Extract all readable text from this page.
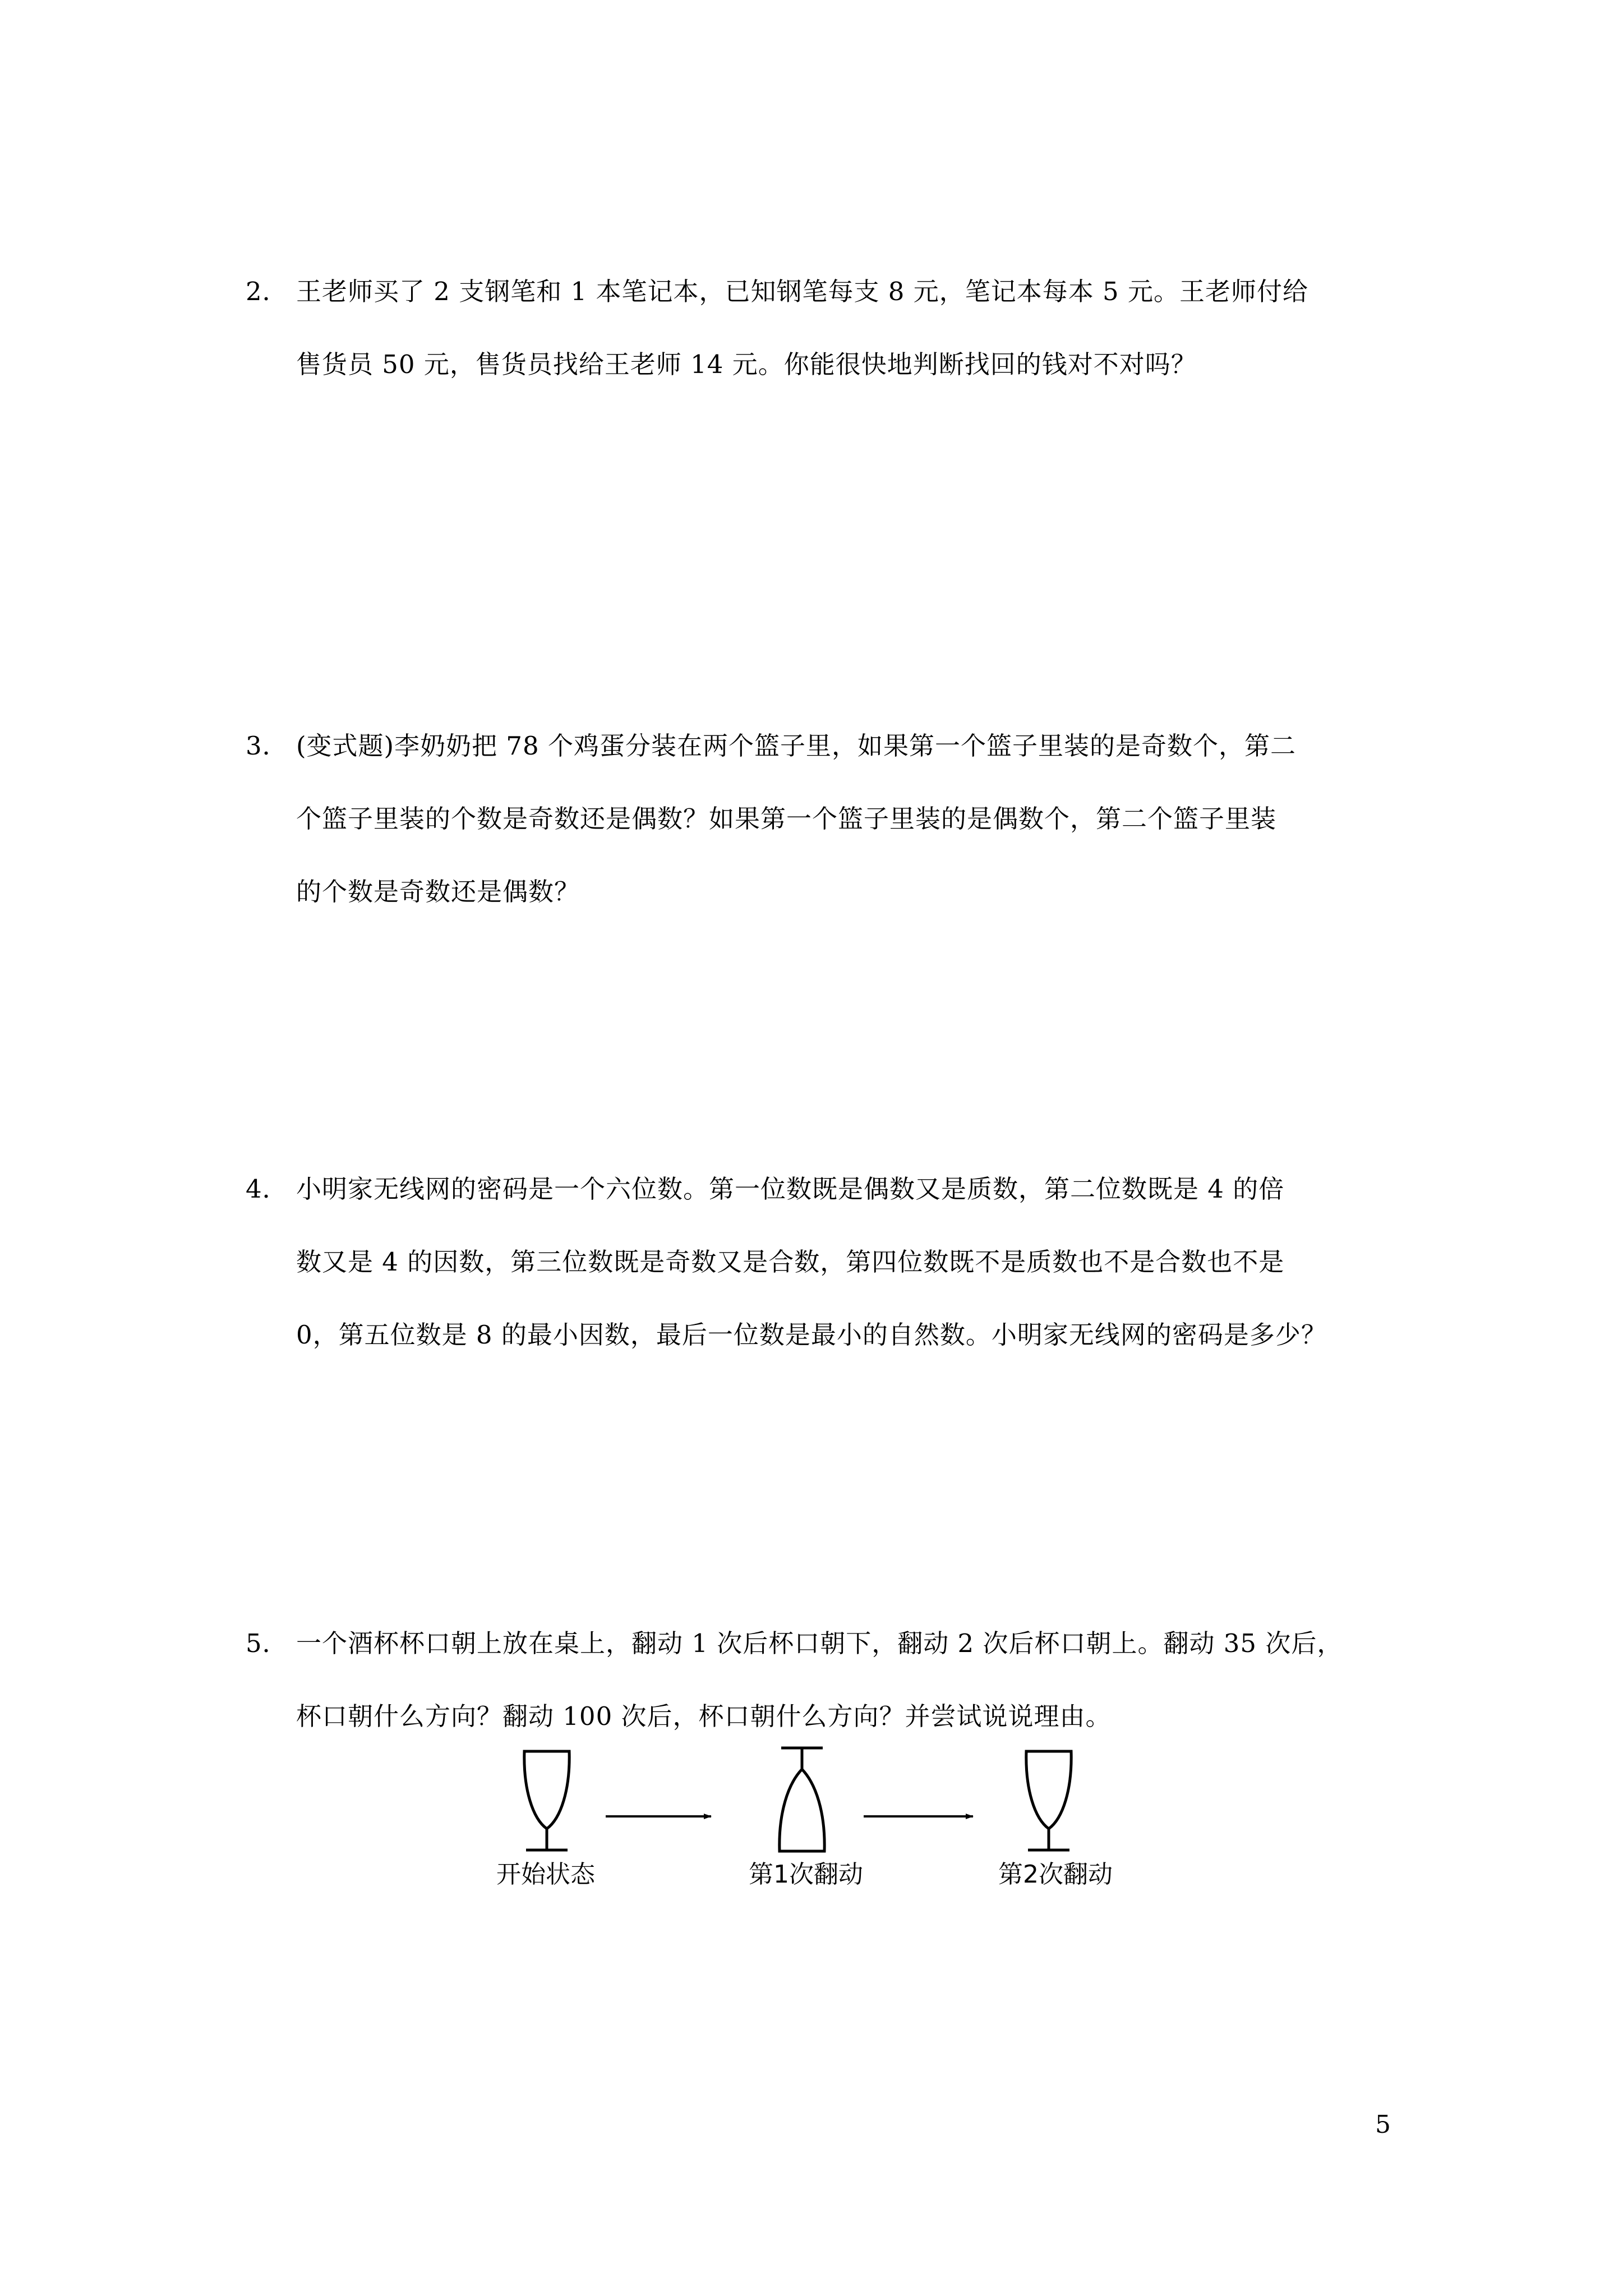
2． 王老师买了 2 支钢笔和 1 本笔记本，已知钢笔每支 8 元，笔记本每本 5 元。王老师付给
售货员 50 元，售货员找给王老师 14 元。你能很快地判断找回的钱对不对吗？
3． (变式题)李奶奶把 78 个鸡蛋分装在两个篮子里，如果第一个篮子里装的是奇数个，第二
个篮子里装的个数是奇数还是偶数？如果第一个篮子里装的是偶数个，第二个篮子里装
的个数是奇数还是偶数？
4． 小明家无线网的密码是一个六位数。第一位数既是偶数又是质数，第二位数既是 4 的倍
数又是 4 的因数，第三位数既是奇数又是合数，第四位数既不是质数也不是合数也不是
0，第五位数是 8 的最小因数，最后一位数是最小的自然数。小明家无线网的密码是多少？
5． 一个酒杯杯口朝上放在桌上，翻动 1 次后杯口朝下，翻动 2 次后杯口朝上。翻动 35 次后，
杯口朝什么方向？翻动 100 次后，杯口朝什么方向？并尝试说说理由。
开始状态	第1次翻动	第2次翻动
5
